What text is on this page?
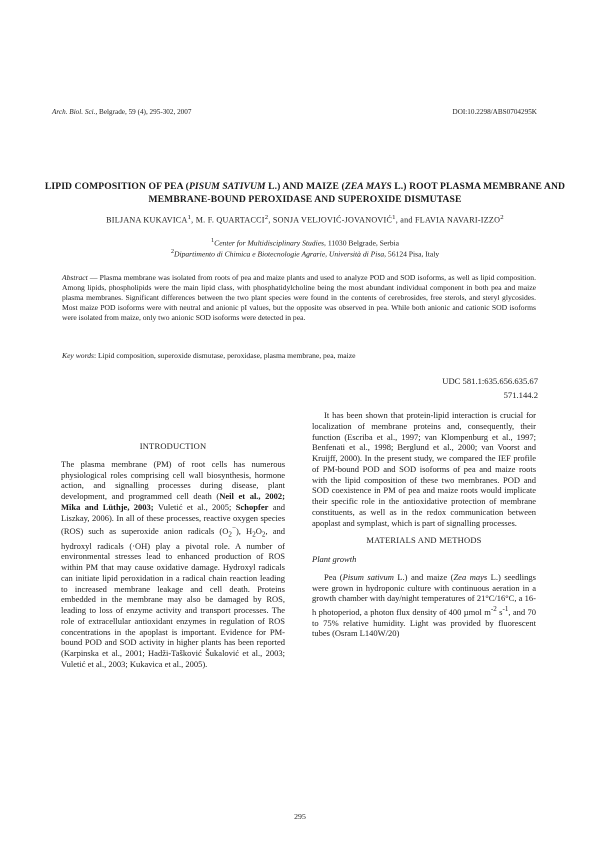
Arch. Biol. Sci., Belgrade, 59 (4), 295-302, 2007	DOI:10.2298/ABS0704295K
LIPID COMPOSITION OF PEA (PISUM SATIVUM L.) AND MAIZE (ZEA MAYS L.) ROOT PLASMA MEMBRANE AND MEMBRANE-BOUND PEROXIDASE AND SUPEROXIDE DISMUTASE
BILJANA KUKAVICA$^1$, M. F. QUARTACCI$^2$, SONJA VELJOVIĆ-JOVANOVIĆ$^1$, and FLAVIA NAVARI-IZZO$^2$
$^1$Center for Multidisciplinary Studies, 11030 Belgrade, Serbia
$^2$Dipartimento di Chimica e Biotecnologie Agrarie, Università di Pisa, 56124 Pisa, Italy
Abstract — Plasma membrane was isolated from roots of pea and maize plants and used to analyze POD and SOD isoforms, as well as lipid composition. Among lipids, phospholipids were the main lipid class, with phosphatidylcholine being the most abundant individual component in both pea and maize plasma membranes. Significant differences between the two plant species were found in the contents of cerebrosides, free sterols, and steryl glycosides. Most maize POD isoforms were with neutral and anionic pI values, but the opposite was observed in pea. While both anionic and cationic SOD isoforms were isolated from maize, only two anionic SOD isoforms were detected in pea.
Key words: Lipid composition, superoxide dismutase, peroxidase, plasma membrane, pea, maize
UDC 581.1:635.656.635.67
571.144.2

INTRODUCTION

The plasma membrane (PM) of root cells has numerous physiological roles comprising cell wall biosynthesis, hormone action, and signalling processes during disease, plant development, and programmed cell death (Neil et al., 2002; Mika and Lüthje, 2003; Vuletić et al., 2005; Schopfer and Liszkay, 2006). In all of these processes, reactive oxygen species (ROS) such as superoxide anion radicals $(O_2^-)$, $H_2O_2$, and hydroxyl radicals (·OH) play a pivotal role. A number of environmental stresses lead to enhanced production of ROS within PM that may cause oxidative damage. Hydroxyl radicals can initiate lipid peroxidation in a radical chain reaction leading to increased membrane leakage and cell death. Proteins embedded in the membrane may also be damaged by ROS, leading to loss of enzyme activity and transport processes. The role of extracellular antioxidant enzymes in regulation of ROS concentrations in the apoplast is important. Evidence for PM-bound POD and SOD activity in higher plants has been reported (Karpinska et al., 2001; Hadži-Tašković Šukalović et al., 2003; Vuletić et al., 2003; Kukavica et al., 2005).

It has been shown that protein-lipid interaction is crucial for localization of membrane proteins and, consequently, their function (Escriba et al., 1997; van Klompenburg et al., 1997; Benfenati et al., 1998; Berglund et al., 2000; van Voorst and Kruijff, 2000). In the present study, we compared the IEF profile of PM-bound POD and SOD isoforms of pea and maize roots with the lipid composition of these two membranes. POD and SOD coexistence in PM of pea and maize roots would implicate their specific role in the antioxidative protection of membrane constituents, as well as in the redox communication between apoplast and symplast, which is part of signalling processes.

MATERIALS AND METHODS

Plant growth

Pea (Pisum sativum L.) and maize (Zea mays L.) seedlings were grown in hydroponic culture with continuous aeration in a growth chamber with day/night temperatures of 21°C/16°C, a 16-h photoperiod, a photon flux density of 400 µmol $m^{-2}$ $s^{-1}$, and 70 to 75% relative humidity. Light was provided by fluorescent tubes (Osram L140W/20)

295
